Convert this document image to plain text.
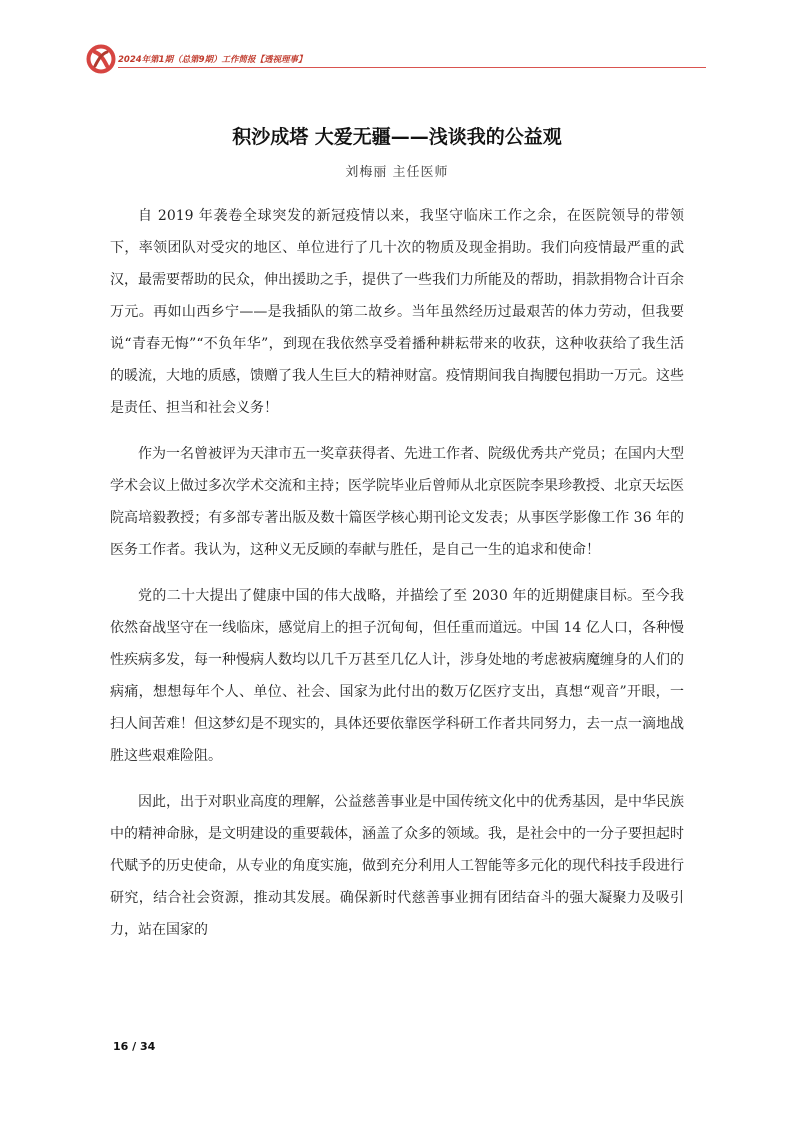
2024年第1期（总第9期）工作简报【透视理事】
积沙成塔 大爱无疆——浅谈我的公益观
刘梅丽 主任医师

自 2019 年袭卷全球突发的新冠疫情以来，我坚守临床工作之余，在医院领导的带领下，率领团队对受灾的地区、单位进行了几十次的物质及现金捐助。我们向疫情最严重的武汉，最需要帮助的民众，伸出援助之手，提供了一些我们力所能及的帮助，捐款捐物合计百余万元。再如山西乡宁——是我插队的第二故乡。当年虽然经历过最艰苦的体力劳动，但我要说“青春无悔”“不负年华”，到现在我依然享受着播种耕耘带来的收获，这种收获给了我生活的暖流，大地的质感，馈赠了我人生巨大的精神财富。疫情期间我自掏腰包捐助一万元。这些是责任、担当和社会义务！

作为一名曾被评为天津市五一奖章获得者、先进工作者、院级优秀共产党员；在国内大型学术会议上做过多次学术交流和主持；医学院毕业后曾师从北京医院李果珍教授、北京天坛医院高培毅教授；有多部专著出版及数十篇医学核心期刊论文发表；从事医学影像工作 36 年的医务工作者。我认为，这种义无反顾的奉献与胜任，是自己一生的追求和使命！

党的二十大提出了健康中国的伟大战略，并描绘了至 2030 年的近期健康目标。至今我依然奋战坚守在一线临床，感觉肩上的担子沉甸甸，但任重而道远。中国 14 亿人口，各种慢性疾病多发，每一种慢病人数均以几千万甚至几亿人计，涉身处地的考虑被病魔缠身的人们的病痛，想想每年个人、单位、社会、国家为此付出的数万亿医疗支出，真想“观音”开眼，一扫人间苦难！但这梦幻是不现实的，具体还要依靠医学科研工作者共同努力，去一点一滴地战胜这些艰难险阻。

因此，出于对职业高度的理解，公益慈善事业是中国传统文化中的优秀基因，是中华民族中的精神命脉，是文明建设的重要载体，涵盖了众多的领域。我，是社会中的一分子要担起时代赋予的历史使命，从专业的角度实施，做到充分利用人工智能等多元化的现代科技手段进行研究，结合社会资源，推动其发展。确保新时代慈善事业拥有团结奋斗的强大凝聚力及吸引力，站在国家的

16 / 34
